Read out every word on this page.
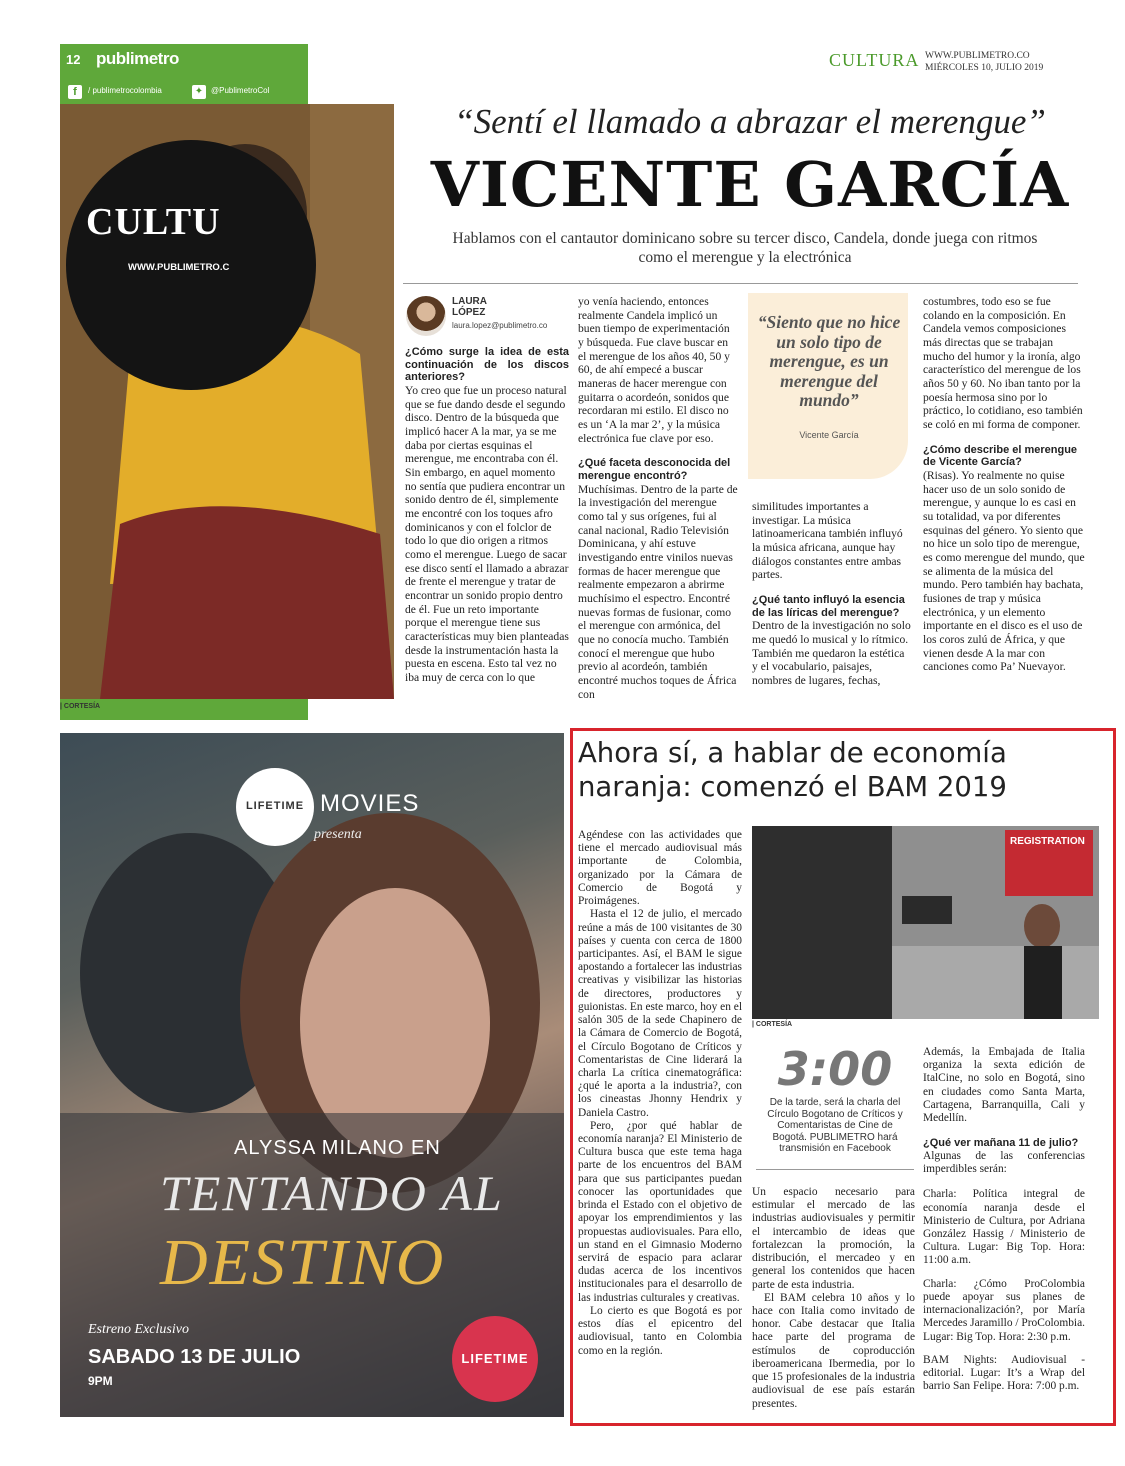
CULTU
WWW.PUBLIMETRO.C
| CORTESÍA
12 publimetro
f	/ publimetrocolombia	✦ @PublimetroCol
CULTURA WWW.PUBLIMETRO.CO
MIÉRCOLES 10, JULIO 2019
“Sentí el llamado a abrazar el merengue”
VICENTE GARCÍA
Hablamos con el cantautor dominicano sobre su tercer disco, Candela, donde juega con ritmos como el merengue y la electrónica
LAURA
LÓPEZ
laura.lopez@publimetro.co

¿Cómo surge la idea de esta continuación de los discos anteriores?

Yo creo que fue un proceso natural que se fue dando desde el segundo disco. Dentro de la búsqueda que implicó hacer A la mar, ya se me daba por ciertas esquinas el merengue, me encontraba con él. Sin embargo, en aquel momento no sentía que pudiera encontrar un sonido dentro de él, simplemente me encontré con los toques afro dominicanos y con el folclor de todo lo que dio origen a ritmos como el merengue. Luego de sacar ese disco sentí el llamado a abrazar de frente el merengue y tratar de encontrar un sonido propio dentro de él. Fue un reto importante porque el merengue tiene sus características muy bien planteadas desde la instrumentación hasta la puesta en escena. Esto tal vez no iba muy de cerca con lo que

yo venía haciendo, entonces realmente Candela implicó un buen tiempo de experimentación y búsqueda. Fue clave buscar en el merengue de los años 40, 50 y 60, de ahí empecé a buscar maneras de hacer merengue con guitarra o acordeón, sonidos que recordaran mi estilo. El disco no es un ‘A la mar 2’, y la música electrónica fue clave por eso.

¿Qué faceta desconocida del merengue encontró?

Muchísimas. Dentro de la parte de la investigación del merengue como tal y sus orígenes, fui al canal nacional, Radio Televisión Dominicana, y ahí estuve investigando entre vinilos nuevas formas de hacer merengue que realmente empezaron a abrirme muchísimo el espectro. Encontré nuevas formas de fusionar, como el merengue con armónica, del que no conocía mucho. También conocí el merengue que hubo previo al acordeón, también encontré muchos toques de África con

“Siento que no hice un solo tipo de merengue, es un merengue del mundo”
Vicente García

similitudes importantes a investigar. La música latinoamericana también influyó la música africana, aunque hay diálogos constantes entre ambas partes.

¿Qué tanto influyó la esencia de las líricas del merengue?

Dentro de la investigación no solo me quedó lo musical y lo rítmico. También me quedaron la estética y el vocabulario, paisajes, nombres de lugares, fechas,

costumbres, todo eso se fue colando en la composición. En Candela vemos composiciones más directas que se trabajan mucho del humor y la ironía, algo característico del merengue de los años 50 y 60. No iban tanto por la poesía hermosa sino por lo práctico, lo cotidiano, eso también se coló en mi forma de componer.

¿Cómo describe el merengue de Vicente García?

(Risas). Yo realmente no quise hacer uso de un solo sonido de merengue, y aunque lo es casi en su totalidad, va por diferentes esquinas del género. Yo siento que no hice un solo tipo de merengue, es como merengue del mundo, que se alimenta de la música del mundo. Pero también hay bachata, fusiones de trap y música electrónica, y un elemento importante en el disco es el uso de los coros zulú de África, y que vienen desde A la mar con canciones como Pa’ Nuevayor.

LIFETIME MOVIES
presenta
ALYSSA MILANO EN
TENTANDO AL
DESTINO
Estreno Exclusivo
SABADO 13 DE JULIO
9PM
LIFETIME
Ahora sí, a hablar de economía naranja: comenzó el BAM 2019

Agéndese con las actividades que tiene el mercado audiovisual más importante de Colombia, organizado por la Cámara de Comercio de Bogotá y Proimágenes.

Hasta el 12 de julio, el mercado reúne a más de 100 visitantes de 30 países y cuenta con cerca de 1800 participantes. Así, el BAM le sigue apostando a fortalecer las industrias creativas y visibilizar las historias de directores, productores y guionistas. En este marco, hoy en el salón 305 de la sede Chapinero de la Cámara de Comercio de Bogotá, el Círculo Bogotano de Críticos y Comentaristas de Cine liderará la charla La crítica cinematográfica: ¿qué le aporta a la industria?, con los cineastas Jhonny Hendrix y Daniela Castro.

Pero, ¿por qué hablar de economía naranja? El Ministerio de Cultura busca que este tema haga parte de los encuentros del BAM para que sus participantes puedan conocer las oportunidades que brinda el Estado con el objetivo de apoyar los emprendimientos y las propuestas audiovisuales. Para ello, un stand en el Gimnasio Moderno servirá de espacio para aclarar dudas acerca de los incentivos institucionales para el desarrollo de las industrias culturales y creativas.

Lo cierto es que Bogotá es por estos días el epicentro del audiovisual, tanto en Colombia como en la región.

REGISTRATION
| CORTESÍA
3:00
De la tarde, será la charla del Círculo Bogotano de Críticos y Comentaristas de Cine de Bogotá. PUBLIMETRO hará transmisión en Facebook

Un espacio necesario para estimular el mercado de las industrias audiovisuales y permitir el intercambio de ideas que fortalezcan la promoción, la distribución, el mercadeo y en general los contenidos que hacen parte de esta industria.

El BAM celebra 10 años y lo hace con Italia como invitado de honor. Cabe destacar que Italia hace parte del programa de estímulos de coproducción iberoamericana Ibermedia, por lo que 15 profesionales de la industria audiovisual de ese país estarán presentes.

Además, la Embajada de Italia organiza la sexta edición de ItalCine, no solo en Bogotá, sino en ciudades como Santa Marta, Cartagena, Barranquilla, Cali y Medellín.

¿Qué ver mañana 11 de julio?

Algunas de las conferencias imperdibles serán:

Charla: Política integral de economía naranja desde el Ministerio de Cultura, por Adriana González Hassig / Ministerio de Cultura. Lugar: Big Top. Hora: 11:00 a.m.

Charla: ¿Cómo ProColombia puede apoyar sus planes de internacionalización?, por María Mercedes Jaramillo / ProColombia. Lugar: Big Top. Hora: 2:30 p.m.

BAM Nights: Audiovisual - editorial. Lugar: It’s a Wrap del barrio San Felipe. Hora: 7:00 p.m.
